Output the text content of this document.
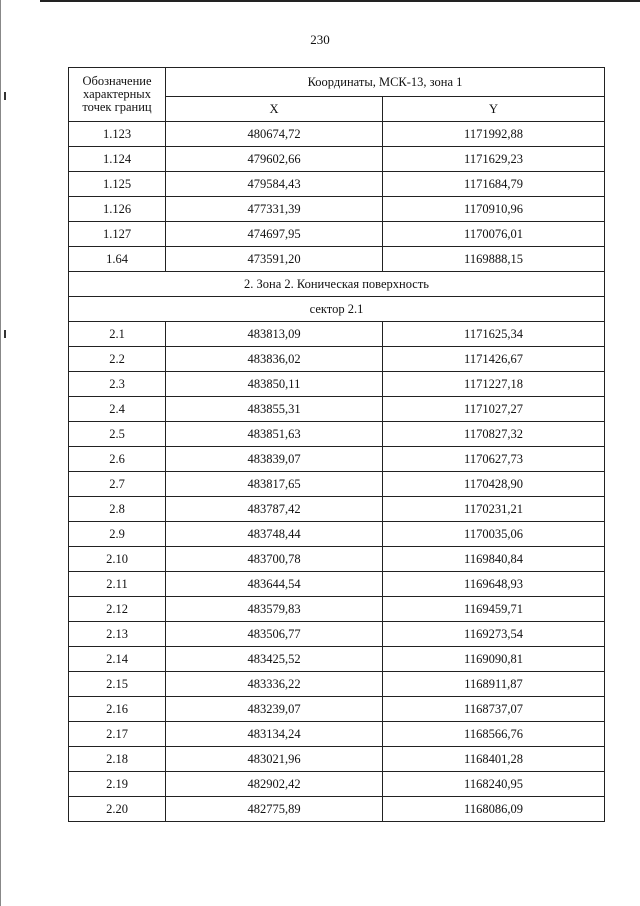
230
Обозначение характерных точек границ	Координаты, МСК-13, зона 1	
	X	Y
1.123	480674,72	1171992,88
1.124	479602,66	1171629,23
1.125	479584,43	1171684,79
1.126	477331,39	1170910,96
1.127	474697,95	1170076,01
1.64	473591,20	1169888,15
2. Зона 2. Коническая поверхность		
сектор 2.1		
2.1	483813,09	1171625,34
2.2	483836,02	1171426,67
2.3	483850,11	1171227,18
2.4	483855,31	1171027,27
2.5	483851,63	1170827,32
2.6	483839,07	1170627,73
2.7	483817,65	1170428,90
2.8	483787,42	1170231,21
2.9	483748,44	1170035,06
2.10	483700,78	1169840,84
2.11	483644,54	1169648,93
2.12	483579,83	1169459,71
2.13	483506,77	1169273,54
2.14	483425,52	1169090,81
2.15	483336,22	1168911,87
2.16	483239,07	1168737,07
2.17	483134,24	1168566,76
2.18	483021,96	1168401,28
2.19	482902,42	1168240,95
2.20	482775,89	1168086,09
